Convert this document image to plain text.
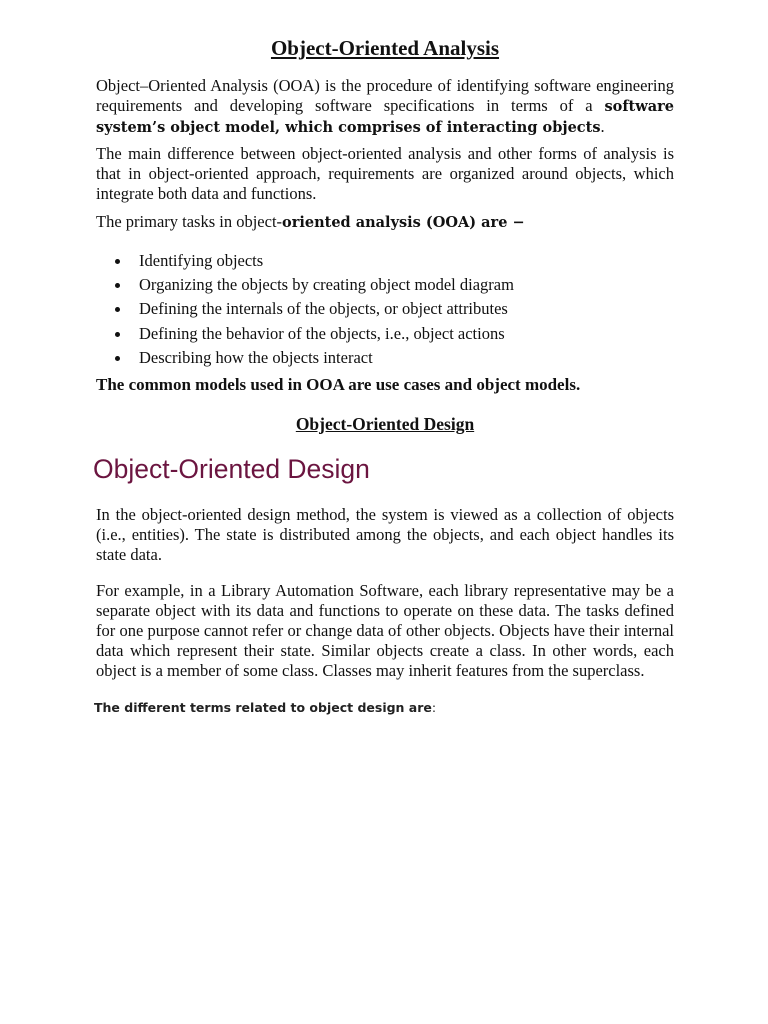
Object-Oriented Analysis

Object–Oriented Analysis (OOA) is the procedure of identifying software engineering requirements and developing software specifications in terms of a software system’s object model, which comprises of interacting objects.

The main difference between object-oriented analysis and other forms of analysis is that in object-oriented approach, requirements are organized around objects, which integrate both data and functions.

The primary tasks in object-oriented analysis (OOA) are −

Identifying objects
Organizing the objects by creating object model diagram
Defining the internals of the objects, or object attributes
Defining the behavior of the objects, i.e., object actions
Describing how the objects interact

The common models used in OOA are use cases and object models.

Object-Oriented Design
Object-Oriented Design

In the object-oriented design method, the system is viewed as a collection of objects (i.e., entities). The state is distributed among the objects, and each object handles its state data.

For example, in a Library Automation Software, each library representative may be a separate object with its data and functions to operate on these data. The tasks defined for one purpose cannot refer or change data of other objects. Objects have their internal data which represent their state. Similar objects create a class. In other words, each object is a member of some class. Classes may inherit features from the superclass.

The different terms related to object design are:
